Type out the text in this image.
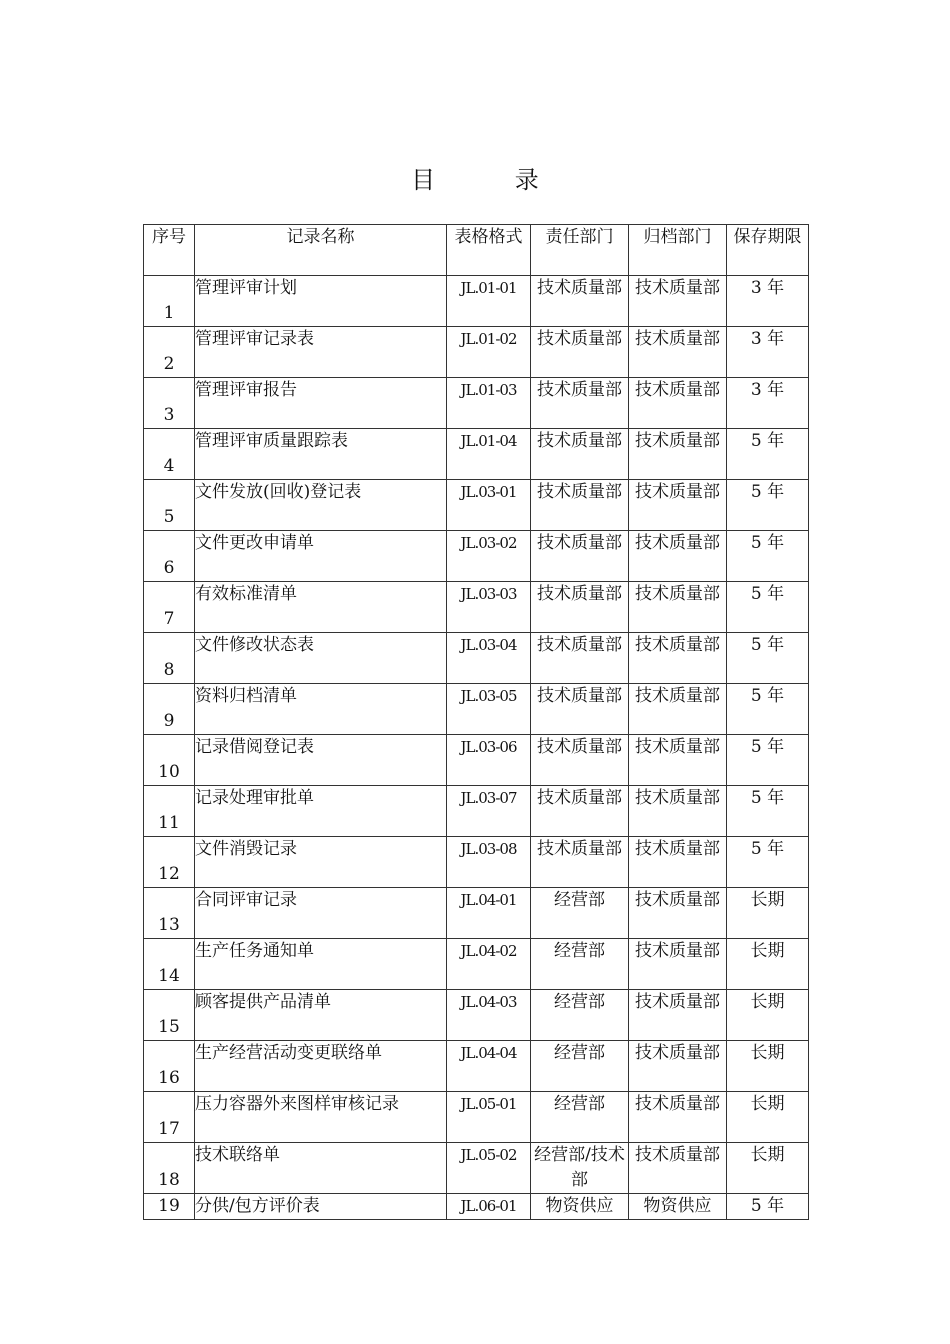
目 录
序号	记录名称	表格格式	责任部门	归档部门	保存期限
1	管理评审计划	JL.01-01	技术质量部	技术质量部	3 年
2	管理评审记录表	JL.01-02	技术质量部	技术质量部	3 年
3	管理评审报告	JL.01-03	技术质量部	技术质量部	3 年
4	管理评审质量跟踪表	JL.01-04	技术质量部	技术质量部	5 年
5	文件发放(回收)登记表	JL.03-01	技术质量部	技术质量部	5 年
6	文件更改申请单	JL.03-02	技术质量部	技术质量部	5 年
7	有效标准清单	JL.03-03	技术质量部	技术质量部	5 年
8	文件修改状态表	JL.03-04	技术质量部	技术质量部	5 年
9	资料归档清单	JL.03-05	技术质量部	技术质量部	5 年
10	记录借阅登记表	JL.03-06	技术质量部	技术质量部	5 年
11	记录处理审批单	JL.03-07	技术质量部	技术质量部	5 年
12	文件消毁记录	JL.03-08	技术质量部	技术质量部	5 年
13	合同评审记录	JL.04-01	经营部	技术质量部	长期
14	生产任务通知单	JL.04-02	经营部	技术质量部	长期
15	顾客提供产品清单	JL.04-03	经营部	技术质量部	长期
16	生产经营活动变更联络单	JL.04-04	经营部	技术质量部	长期
17	压力容器外来图样审核记录	JL.05-01	经营部	技术质量部	长期
18	技术联络单	JL.05-02	经营部/技术部	技术质量部	长期
19	分供/包方评价表	JL.06-01	物资供应	物资供应	5 年
